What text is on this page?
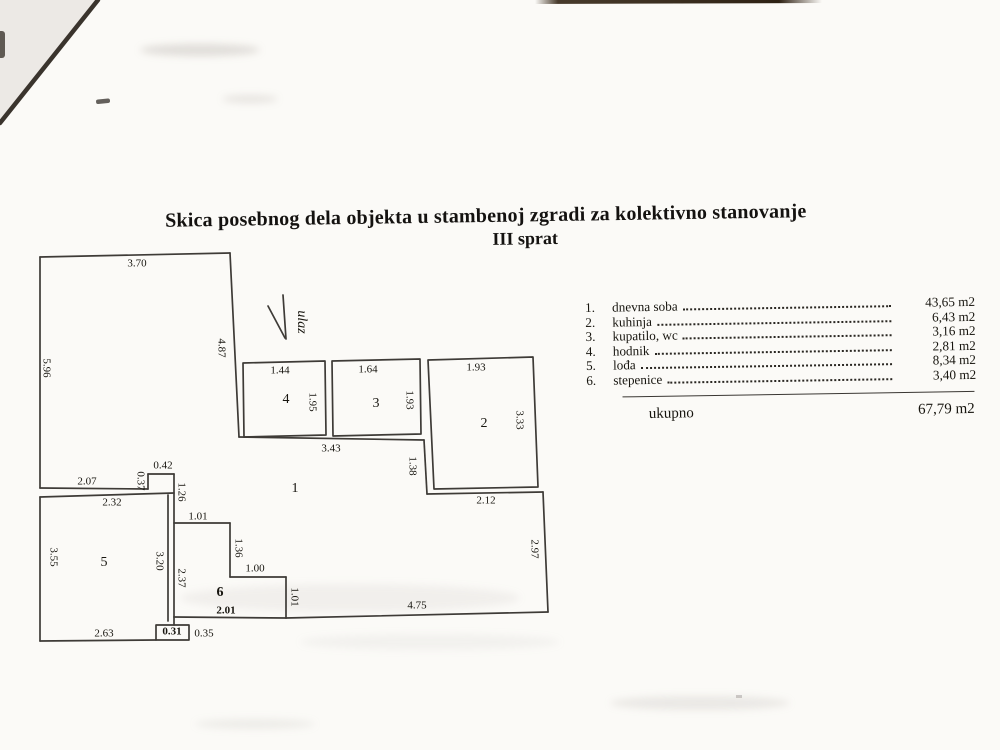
Skica posebnog dela objekta u stambenoj zgradi za kolektivno stanovanje
III sprat
3.70
5.96
4.87
ulaz
1.44
4 1.95
1.64
3 1.93
1.93
2 3.33
3.43
1.38
2.12
2.97
4.75
1
2.07	0.37
0.42
1.26
2.32
3.55	5	3.20
1.01
1.36
1.00
2.37
6	1.01
2.01
2.63	0.31 0.35
1.	dnevna soba	43,65 m2
2.	kuhinja	6,43 m2
3.	kupatilo, wc	3,16 m2
4.	hodnik	2,81 m2
5.	lođa	8,34 m2
6.	stepenice	3,40 m2
ukupno	67,79 m2
